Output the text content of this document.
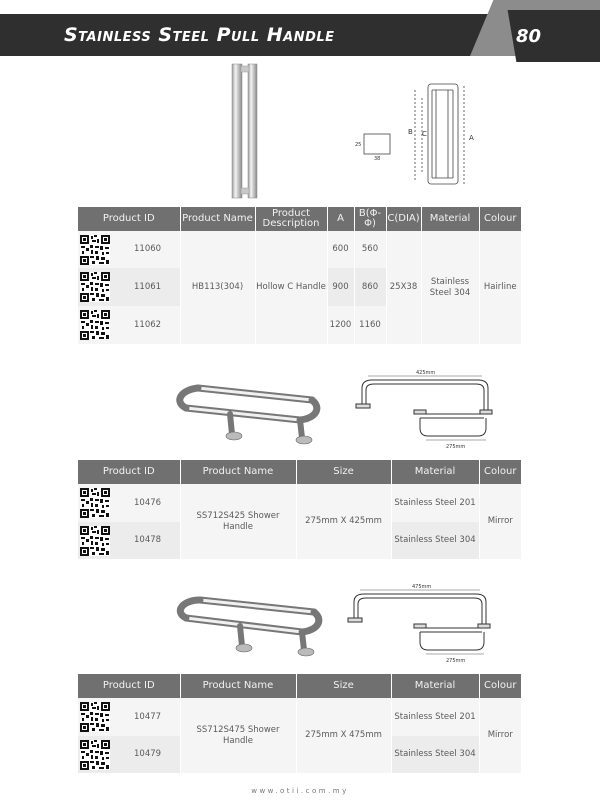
Stainless Steel Pull Handle	80
25
38
B C	A
Product ID	Product Name	Product Description	A	B(Φ-Φ)	C(DIA)	Material	Colour

11060	HB113(304)	Hollow C Handle	600	560	25X38	Stainless Steel 304	Hairline

11061			900	860			

11062			1200	1160			
425mm
275mm
Product ID	Product Name	Size	Material	Colour

10476	SS712S425 Shower Handle	275mm X 425mm	Stainless Steel 201	Mirror

10478			Stainless Steel 304	
475mm
275mm
Product ID	Product Name	Size	Material	Colour

10477	SS712S475 Shower Handle	275mm X 475mm	Stainless Steel 201	Mirror

10479			Stainless Steel 304	
www.otii.com.my
